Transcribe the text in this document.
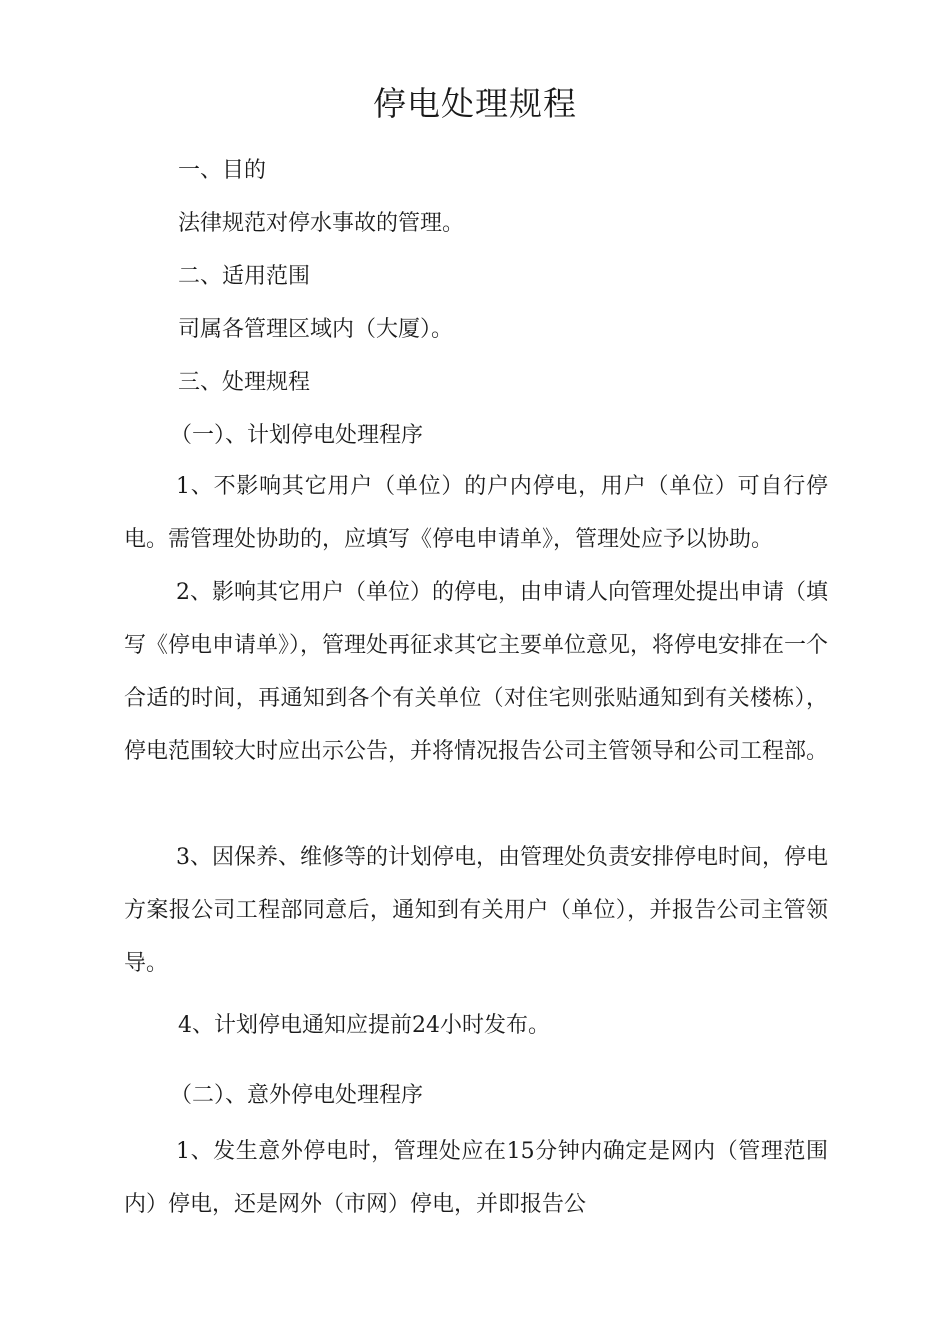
停电处理规程
一、目的
法律规范对停水事故的管理。
二、适用范围
司属各管理区域内（大厦）。
三、处理规程
（一）、计划停电处理程序

1、不影响其它用户（单位）的户内停电，用户（单位）可自行停电。需管理处协助的，应填写《停电申请单》，管理处应予以协助。

2、影响其它用户（单位）的停电，由申请人向管理处提出申请（填写《停电申请单》），管理处再征求其它主要单位意见，将停电安排在一个合适的时间，再通知到各个有关单位（对住宅则张贴通知到有关楼栋），停电范围较大时应出示公告，并将情况报告公司主管领导和公司工程部。

3、因保养、维修等的计划停电，由管理处负责安排停电时间，停电方案报公司工程部同意后，通知到有关用户（单位），并报告公司主管领导。

4、计划停电通知应提前24小时发布。
（二）、意外停电处理程序

1、发生意外停电时，管理处应在15分钟内确定是网内（管理范围内）停电，还是网外（市网）停电，并即报告公
